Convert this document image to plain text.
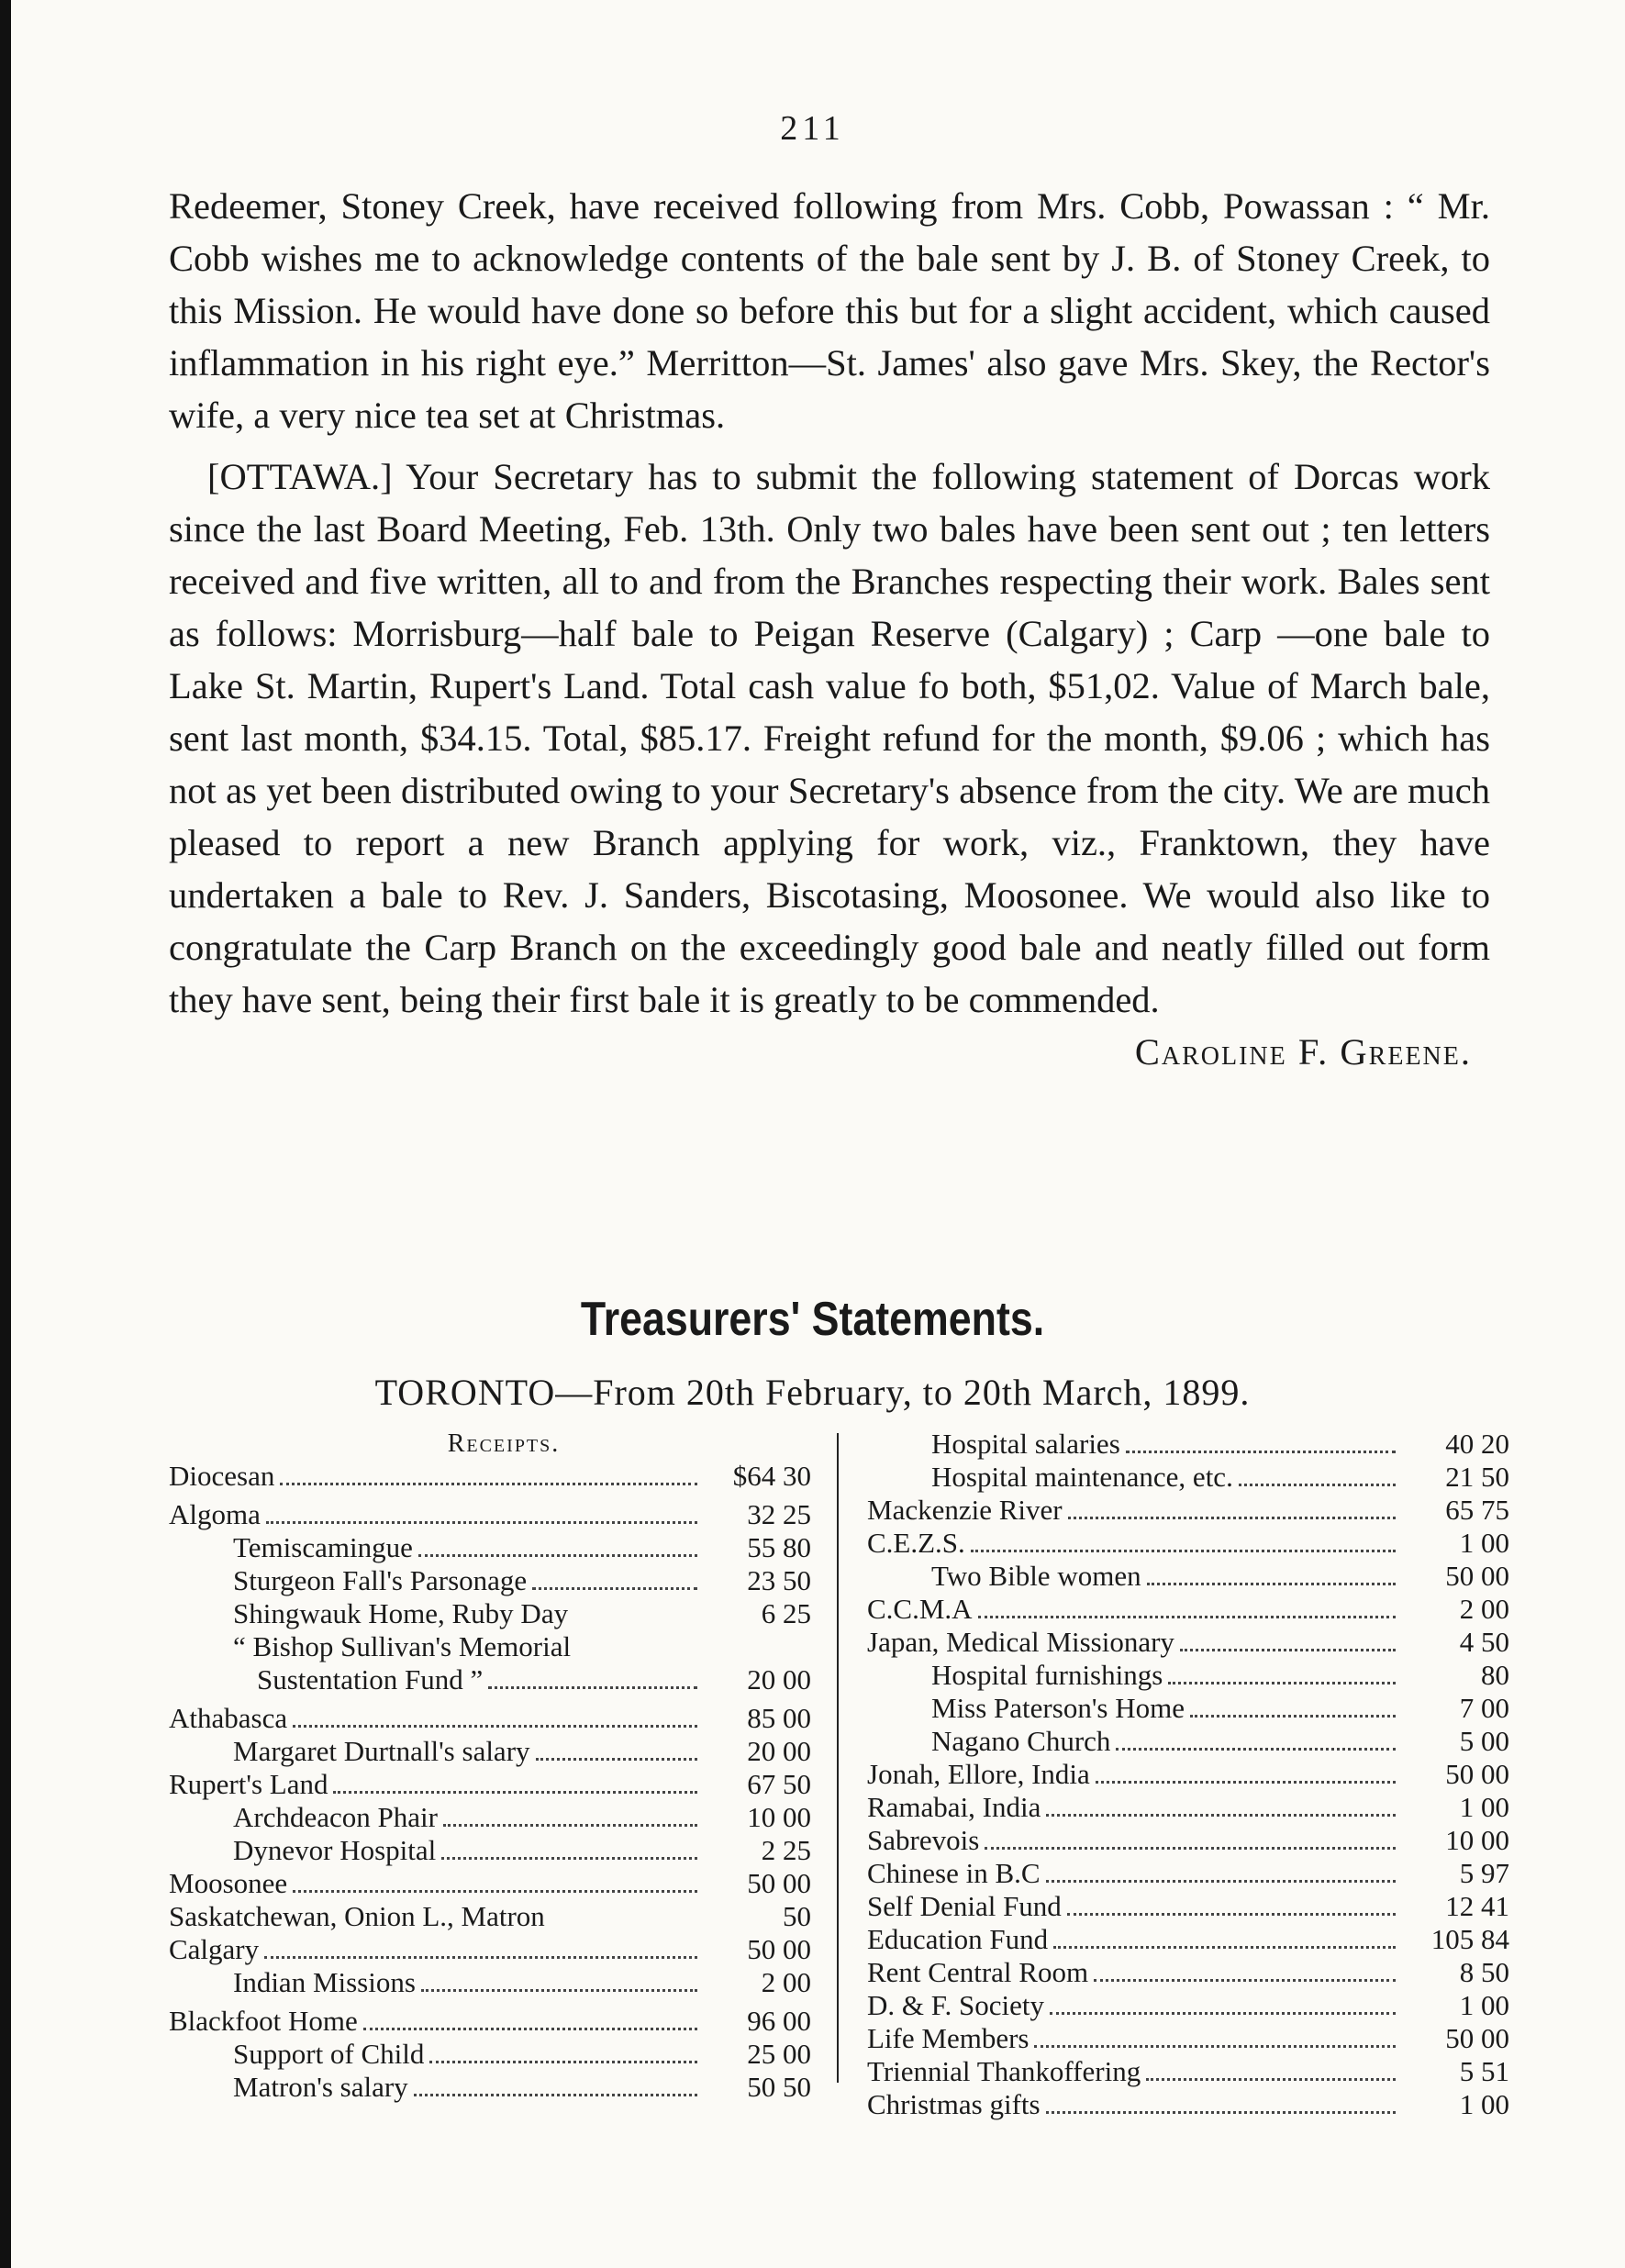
211

Redeemer, Stoney Creek, have received following from Mrs. Cobb, Powassan : “ Mr. Cobb wishes me to acknowledge contents of the bale sent by J. B. of Stoney Creek, to this Mission. He would have done so before this but for a slight accident, which caused inflammation in his right eye.” Merritton—St. James' also gave Mrs. Skey, the Rector's wife, a very nice tea set at Christmas.

[OTTAWA.] Your Secretary has to submit the following statement of Dorcas work since the last Board Meeting, Feb. 13th. Only two bales have been sent out ; ten letters received and five written, all to and from the Branches respecting their work. Bales sent as follows: Morrisburg—half bale to Peigan Reserve (Calgary) ; Carp —one bale to Lake St. Martin, Rupert's Land. Total cash value fo both, $51,02. Value of March bale, sent last month, $34.15. Total, $85.17. Freight refund for the month, $9.06 ; which has not as yet been distributed owing to your Secretary's absence from the city. We are much pleased to report a new Branch applying for work, viz., Franktown, they have undertaken a bale to Rev. J. Sanders, Biscotasing, Moosonee. We would also like to congratulate the Carp Branch on the exceedingly good bale and neatly filled out form they have sent, being their first bale it is greatly to be commended.

Caroline F. Greene.
Treasurers' Statements.
TORONTO—From 20th February, to 20th March, 1899.
Receipts.
Diocesan	$64 30
Algoma	32 25
Temiscamingue	55 80
Sturgeon Fall's Parsonage	23 50
Shingwauk Home, Ruby Day	6 25
“ Bishop Sullivan's Memorial
Sustentation Fund ”	20 00
Athabasca	85 00
Margaret Durtnall's salary	20 00
Rupert's Land	67 50
Archdeacon Phair	10 00
Dynevor Hospital	2 25
Moosonee	50 00
Saskatchewan, Onion L., Matron	50
Calgary	50 00
Indian Missions	2 00
Blackfoot Home	96 00
Support of Child	25 00
Matron's salary	50 50
Hospital salaries	40 20
Hospital maintenance, etc.	21 50
Mackenzie River	65 75
C.E.Z.S.	1 00
Two Bible women	50 00
C.C.M.A	2 00
Japan, Medical Missionary	4 50
Hospital furnishings	80
Miss Paterson's Home	7 00
Nagano Church	5 00
Jonah, Ellore, India	50 00
Ramabai, India	1 00
Sabrevois	10 00
Chinese in B.C	5 97
Self Denial Fund	12 41
Education Fund	105 84
Rent Central Room	8 50
D. & F. Society	1 00
Life Members	50 00
Triennial Thankoffering	5 51
Christmas gifts	1 00
